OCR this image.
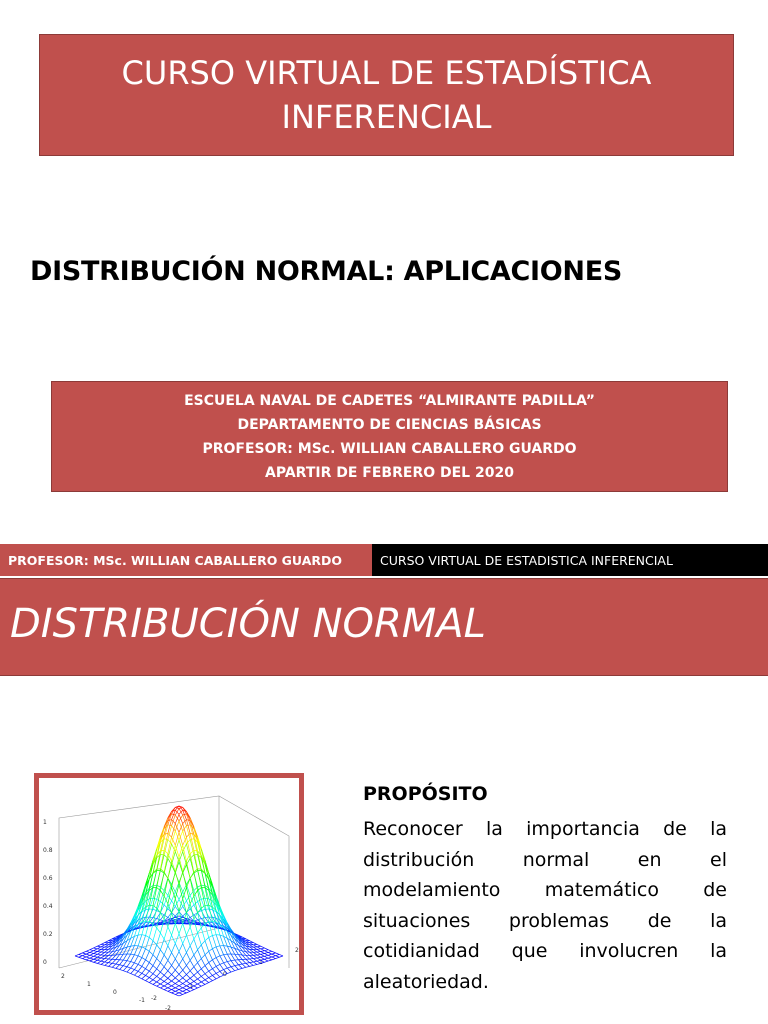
CURSO VIRTUAL DE ESTADÍSTICA
INFERENCIAL
DISTRIBUCIÓN NORMAL: APLICACIONES
ESCUELA NAVAL DE CADETES “ALMIRANTE PADILLA”
DEPARTAMENTO DE CIENCIAS BÁSICAS
PROFESOR: MSc. WILLIAN CABALLERO GUARDO
APARTIR DE FEBRERO DEL 2020
PROFESOR: MSc. WILLIAN CABALLERO GUARDO	CURSO VIRTUAL DE ESTADISTICA INFERENCIAL
DISTRIBUCIÓN NORMAL
1
0.8
0.6
0.4
0.2
0
-2
-1
0
1
2
2
1
0
-1
-2
PROPÓSITO
Reconocer la importancia de la distribución normal en el modelamiento matemático de situaciones problemas de la cotidianidad que involucren la aleatoriedad.
